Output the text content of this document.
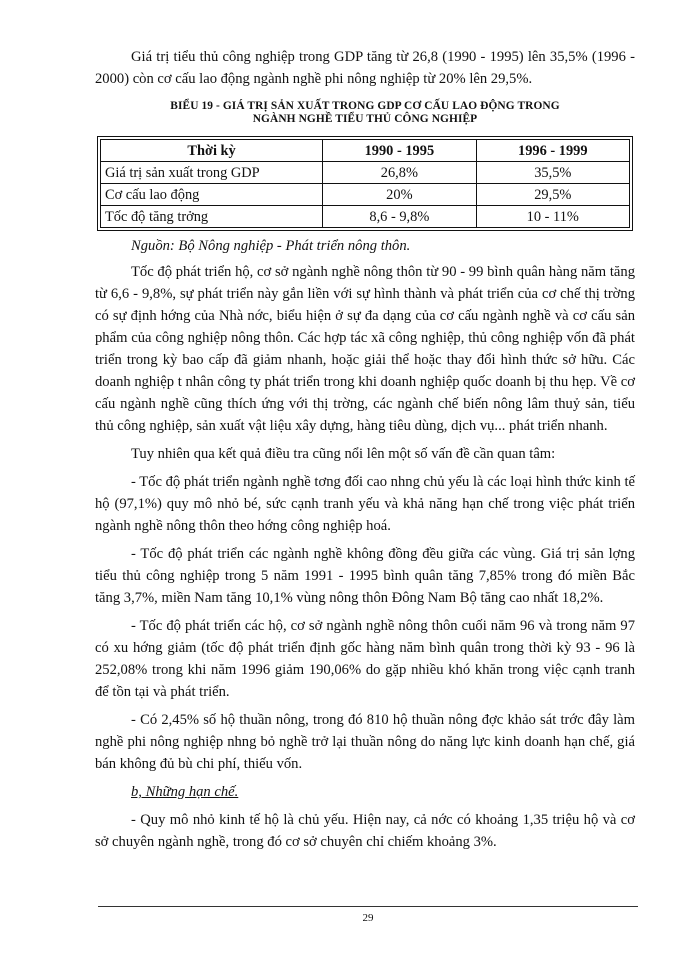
Giá trị tiểu thủ công nghiệp trong GDP tăng từ 26,8 (1990 - 1995) lên 35,5% (1996 - 2000) còn cơ cấu lao động ngành nghề phi nông nghiệp từ 20% lên 29,5%.

BIỂU 19 - GIÁ TRỊ SẢN XUẤT TRONG GDP CƠ CẤU LAO ĐỘNG TRONG
NGÀNH NGHỀ TIỂU THỦ CÔNG NGHIỆP
Thời kỳ	1990 - 1995	1996 - 1999
Giá trị sản xuất trong GDP	26,8%	35,5%
Cơ cấu lao động	20%	29,5%
Tốc độ tăng trởng	8,6 - 9,8%	10 - 11%

Nguồn: Bộ Nông nghiệp - Phát triển nông thôn.

Tốc độ phát triển hộ, cơ sở ngành nghề nông thôn từ 90 - 99 bình quân hàng năm tăng từ 6,6 - 9,8%, sự phát triển này gắn liền với sự hình thành và phát triển của cơ chế thị trờng có sự định hớng của Nhà nớc, biểu hiện ở sự đa dạng của cơ cấu ngành nghề và cơ cấu sản phẩm của công nghiệp nông thôn. Các hợp tác xã công nghiệp, thủ công nghiệp vốn đã phát triển trong kỳ bao cấp đã giảm nhanh, hoặc giải thể hoặc thay đổi hình thức sở hữu. Các doanh nghiệp t nhân công ty phát triển trong khi doanh nghiệp quốc doanh bị thu hẹp. Về cơ cấu ngành nghề cũng thích ứng với thị trờng, các ngành chế biến nông lâm thuỷ sản, tiểu thủ công nghiệp, sản xuất vật liệu xây dựng, hàng tiêu dùng, dịch vụ... phát triển nhanh.

Tuy nhiên qua kết quả điều tra cũng nổi lên một số vấn đề cần quan tâm:

- Tốc độ phát triển ngành nghề tơng đối cao nhng chủ yếu là các loại hình thức kinh tế hộ (97,1%) quy mô nhỏ bé, sức cạnh tranh yếu và khả năng hạn chế trong việc phát triển ngành nghề nông thôn theo hớng công nghiệp hoá.

- Tốc độ phát triển các ngành nghề không đồng đều giữa các vùng. Giá trị sản lợng tiểu thủ công nghiệp trong 5 năm 1991 - 1995 bình quân tăng 7,85% trong đó miền Bắc tăng 3,7%, miền Nam tăng 10,1% vùng nông thôn Đông Nam Bộ tăng cao nhất 18,2%.

- Tốc độ phát triển các hộ, cơ sở ngành nghề nông thôn cuối năm 96 và trong năm 97 có xu hớng giảm (tốc độ phát triển định gốc hàng năm bình quân trong thời kỳ 93 - 96 là 252,08% trong khi năm 1996 giảm 190,06% do gặp nhiều khó khăn trong việc cạnh tranh để tồn tại và phát triển.

- Có 2,45% số hộ thuần nông, trong đó 810 hộ thuần nông đợc khảo sát trớc đây làm nghề phi nông nghiệp nhng bỏ nghề trở lại thuần nông do năng lực kinh doanh hạn chế, giá bán không đủ bù chi phí, thiếu vốn.

b, Những hạn chế.

- Quy mô nhỏ kinh tế hộ là chủ yếu. Hiện nay, cả nớc có khoảng 1,35 triệu hộ và cơ sở chuyên ngành nghề, trong đó cơ sở chuyên chỉ chiếm khoảng 3%.

29
